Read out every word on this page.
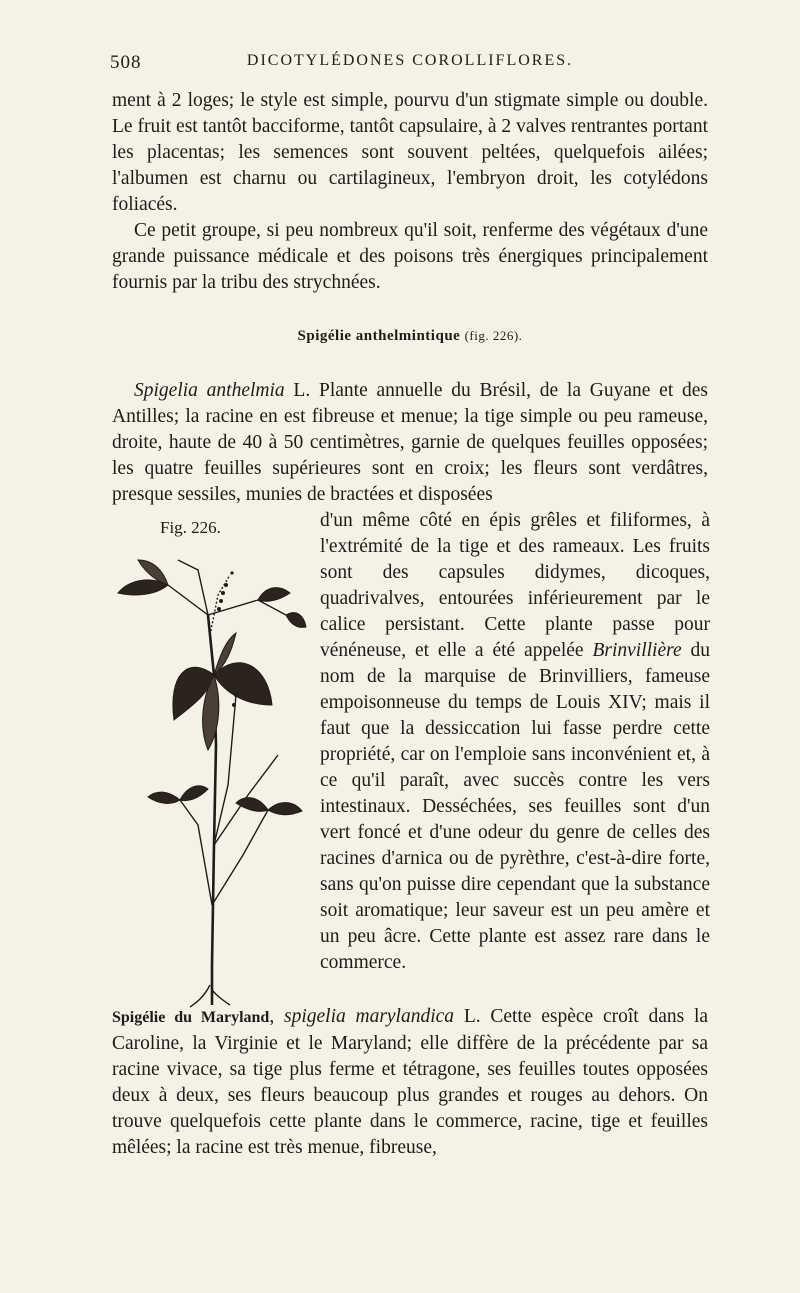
508	DICOTYLÉDONES COROLLIFLORES.

ment à 2 loges; le style est simple, pourvu d'un stigmate simple ou double. Le fruit est tantôt bacciforme, tantôt capsulaire, à 2 valves rentrantes portant les placentas; les semences sont souvent peltées, quelquefois ailées; l'albumen est charnu ou cartilagineux, l'embryon droit, les cotylédons foliacés.

Ce petit groupe, si peu nombreux qu'il soit, renferme des végétaux d'une grande puissance médicale et des poisons très énergiques principalement fournis par la tribu des strychnées.

Spigélie anthelmintique (fig. 226).
Spigelia anthelmia L. Plante annuelle du Brésil, de la Guyane et des Antilles; la racine en est fibreuse et menue; la tige simple ou peu rameuse, droite, haute de 40 à 50 centimètres, garnie de quelques feuilles opposées; les quatre feuilles supérieures sont en croix; les fleurs sont verdâtres, presque sessiles, munies de bractées et disposées
Fig. 226.	d'un même côté en épis grêles et filiformes, à l'extrémité de la tige et des rameaux. Les fruits sont des capsules didymes, dicoques, quadrivalves, entourées inférieurement par le calice persistant. Cette plante passe pour vénéneuse, et elle a été appelée Brinvillière du nom de la marquise de Brinvilliers, fameuse empoisonneuse du temps de Louis XIV; mais il faut que la dessiccation lui fasse perdre cette propriété, car on l'emploie sans inconvénient et, à ce qu'il paraît, avec succès contre les vers intestinaux. Desséchées, ses feuilles sont d'un vert foncé et d'une odeur du genre de celles des racines d'arnica ou de pyrèthre, c'est-à-dire forte, sans qu'on puisse dire cependant que la substance soit aromatique; leur saveur est un peu amère et un peu âcre. Cette plante est assez rare dans le commerce.
Spigélie du Maryland, spigelia marylandica L. Cette espèce croît dans la Caroline, la Virginie et le Maryland; elle diffère de la précédente par sa racine vivace, sa tige plus ferme et tétragone, ses feuilles toutes opposées deux à deux, ses fleurs beaucoup plus grandes et rouges au dehors. On trouve quelquefois cette plante dans le commerce, racine, tige et feuilles mêlées; la racine est très menue, fibreuse,
